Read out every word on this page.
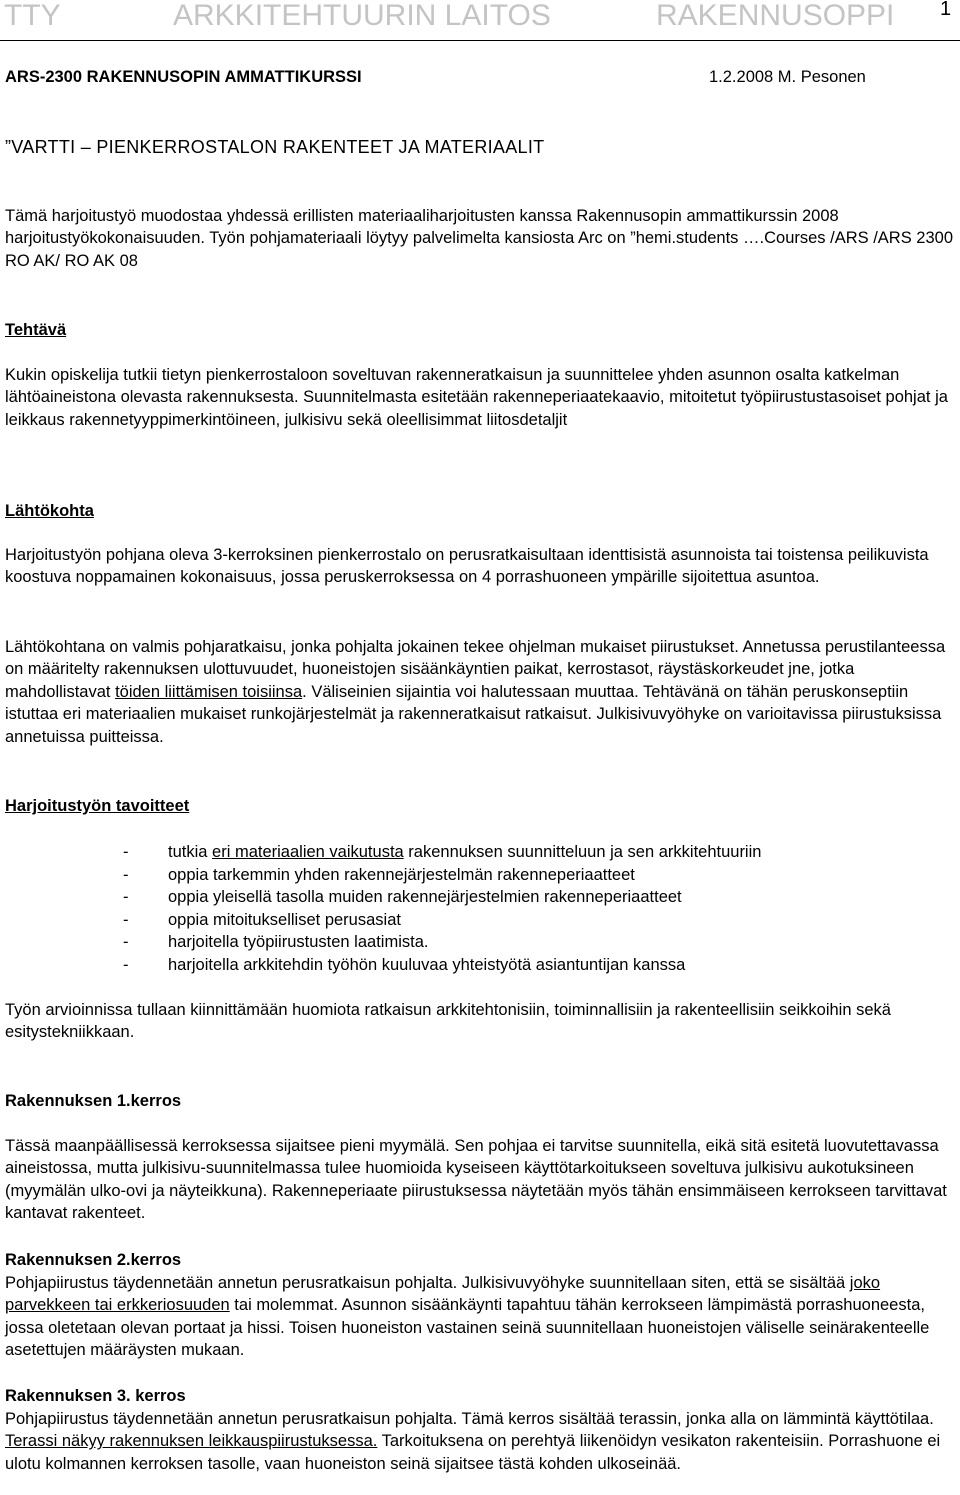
TTY	ARKKITEHTUURIN LAITOS	RAKENNUSOPPI 1
ARS-2300 RAKENNUSOPIN AMMATTIKURSSI	1.2.2008 M. Pesonen
”VARTTI – PIENKERROSTALON RAKENTEET JA MATERIAALIT

Tämä harjoitustyö muodostaa yhdessä erillisten materiaaliharjoitusten kanssa Rakennusopin ammattikurssin 2008 harjoitustyökokonaisuuden. Työn pohjamateriaali löytyy palvelimelta kansiosta Arc on ”hemi.students ….Courses /ARS /ARS 2300 RO AK/ RO AK 08

Tehtävä

Kukin opiskelija tutkii tietyn pienkerrostaloon soveltuvan rakenneratkaisun ja suunnittelee yhden asunnon osalta katkelman lähtöaineistona olevasta rakennuksesta. Suunnitelmasta esitetään rakenneperiaatekaavio, mitoitetut työpiirustustasoiset pohjat ja leikkaus rakennetyyppimerkintöineen, julkisivu sekä oleellisimmat liitosdetaljit

Lähtökohta

Harjoitustyön pohjana oleva 3-kerroksinen pienkerrostalo on perusratkaisultaan identtisistä asunnoista tai toistensa peilikuvista koostuva noppamainen kokonaisuus, jossa peruskerroksessa on 4 porrashuoneen ympärille sijoitettua asuntoa.

Lähtökohtana on valmis pohjaratkaisu, jonka pohjalta jokainen tekee ohjelman mukaiset piirustukset. Annetussa perustilanteessa on määritelty rakennuksen ulottuvuudet, huoneistojen sisäänkäyntien paikat, kerrostasot, räystäskorkeudet jne, jotka mahdollistavat töiden liittämisen toisiinsa. Väliseinien sijaintia voi halutessaan muuttaa. Tehtävänä on tähän peruskonseptiin istuttaa eri materiaalien mukaiset runkojärjestelmät ja rakenneratkaisut ratkaisut. Julkisivuvyöhyke on varioitavissa piirustuksissa annetuissa puitteissa.

Harjoitustyön tavoitteet
- tutkia eri materiaalien vaikutusta rakennuksen suunnitteluun ja sen arkkitehtuuriin
- oppia tarkemmin yhden rakennejärjestelmän rakenneperiaatteet
- oppia yleisellä tasolla muiden rakennejärjestelmien rakenneperiaatteet
- oppia mitoitukselliset perusasiat
- harjoitella työpiirustusten laatimista.
- harjoitella arkkitehdin työhön kuuluvaa yhteistyötä asiantuntijan kanssa

Työn arvioinnissa tullaan kiinnittämään huomiota ratkaisun arkkitehtonisiin, toiminnallisiin ja rakenteellisiin seikkoihin sekä esitystekniikkaan.

Rakennuksen 1.kerros

Tässä maanpäällisessä kerroksessa sijaitsee pieni myymälä. Sen pohjaa ei tarvitse suunnitella, eikä sitä esitetä luovutettavassa aineistossa, mutta julkisivu-suunnitelmassa tulee huomioida kyseiseen käyttötarkoitukseen soveltuva julkisivu aukotuksineen (myymälän ulko-ovi ja näyteikkuna). Rakenneperiaate piirustuksessa näytetään myös tähän ensimmäiseen kerrokseen tarvittavat kantavat rakenteet.

Rakennuksen 2.kerros

Pohjapiirustus täydennetään annetun perusratkaisun pohjalta. Julkisivuvyöhyke suunnitellaan siten, että se sisältää joko parvekkeen tai erkkeriosuuden tai molemmat. Asunnon sisäänkäynti tapahtuu tähän kerrokseen lämpimästä porrashuoneesta, jossa oletetaan olevan portaat ja hissi. Toisen huoneiston vastainen seinä suunnitellaan huoneistojen väliselle seinärakenteelle asetettujen määräysten mukaan.

Rakennuksen 3. kerros

Pohjapiirustus täydennetään annetun perusratkaisun pohjalta. Tämä kerros sisältää terassin, jonka alla on lämmintä käyttötilaa. Terassi näkyy rakennuksen leikkauspiirustuksessa. Tarkoituksena on perehtyä liikenöidyn vesikaton rakenteisiin. Porrashuone ei ulotu kolmannen kerroksen tasolle, vaan huoneiston seinä sijaitsee tästä kohden ulkoseinää.
